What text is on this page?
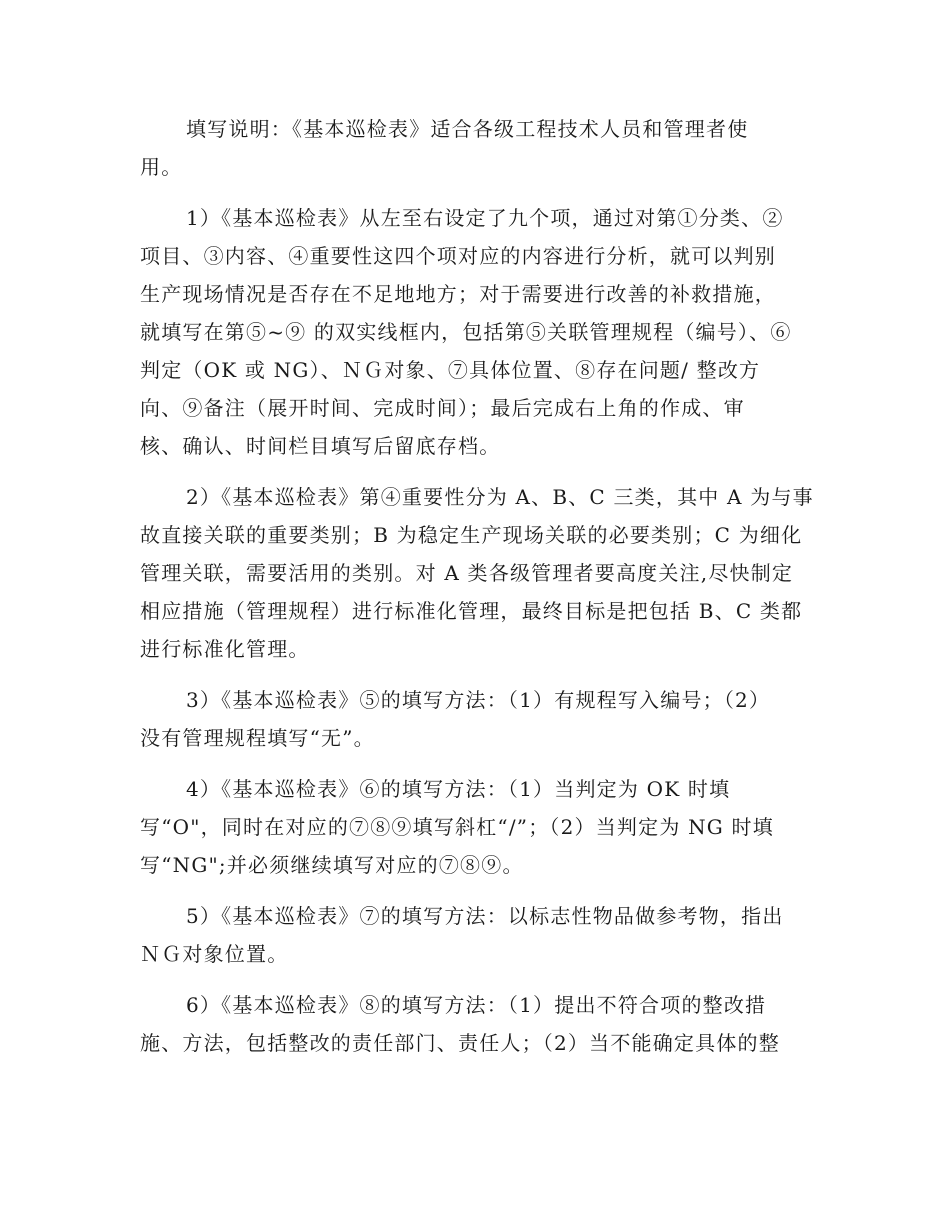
填写说明：《基本巡检表》适合各级工程技术人员和管理者使
用。
1）《基本巡检表》从左至右设定了九个项，通过对第①分类、②
项目、③内容、④重要性这四个项对应的内容进行分析，就可以判别
生产现场情况是否存在不足地地方；对于需要进行改善的补救措施，
就填写在第⑤~⑨ 的双实线框内，包括第⑤关联管理规程（编号）、⑥
判定（OK 或 NG）、ＮＧ对象、⑦具体位置、⑧存在问题/ 整改方
向、⑨备注（展开时间、完成时间）；最后完成右上角的作成、审
核、确认、时间栏目填写后留底存档。
2）《基本巡检表》第④重要性分为 A、B、C 三类，其中 A 为与事
故直接关联的重要类别；B 为稳定生产现场关联的必要类别；C 为细化
管理关联，需要活用的类别。对 A 类各级管理者要高度关注,尽快制定
相应措施（管理规程）进行标准化管理，最终目标是把包括 B、C 类都
进行标准化管理。
3）《基本巡检表》⑤的填写方法：（1）有规程写入编号；（2）
没有管理规程填写“无”。
4）《基本巡检表》⑥的填写方法：（1）当判定为 OK 时填
写“O"，同时在对应的⑦⑧⑨填写斜杠“/”；（2）当判定为 NG 时填
写“NG";并必须继续填写对应的⑦⑧⑨。
5）《基本巡检表》⑦的填写方法：以标志性物品做参考物，指出
ＮＧ对象位置。
6）《基本巡检表》⑧的填写方法：（1）提出不符合项的整改措
施、方法，包括整改的责任部门、责任人；（2）当不能确定具体的整
